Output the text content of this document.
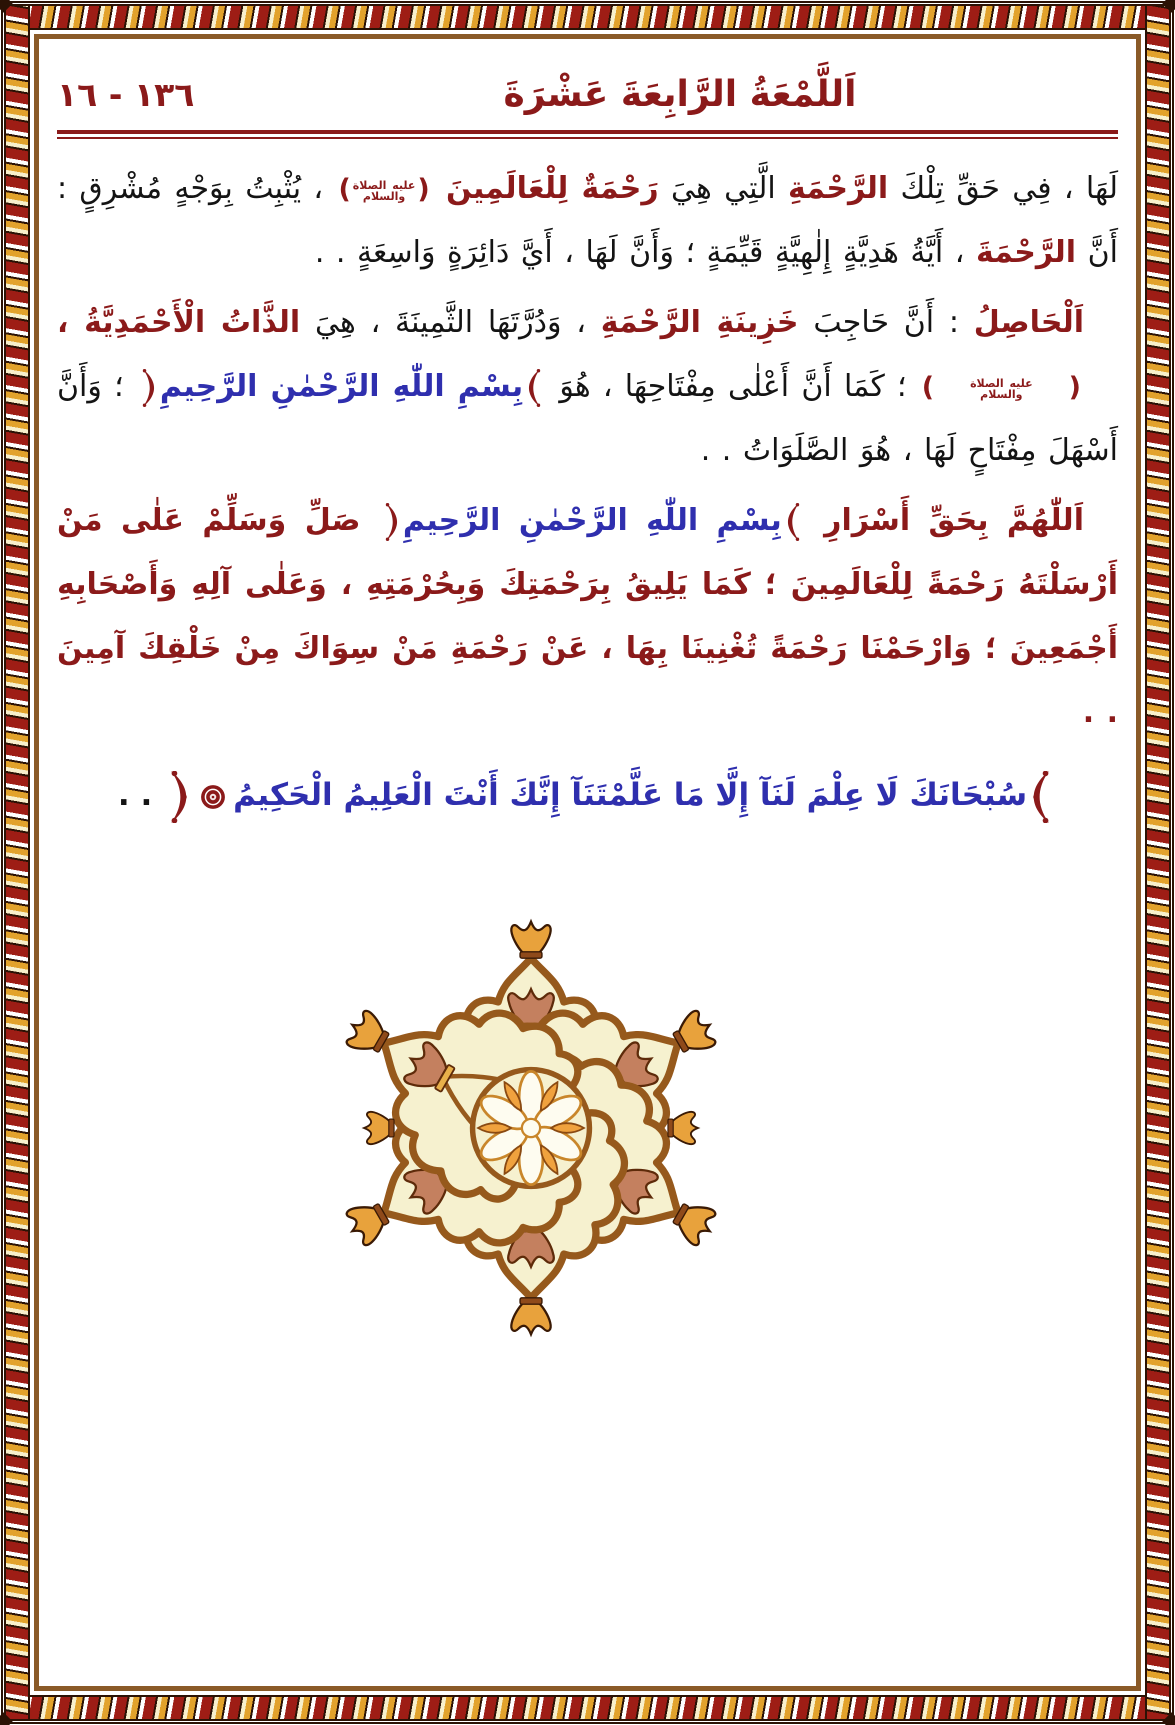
اَللَّمْعَةُ الرَّابِعَةَ عَشْرَةَ
١٣٦ - ١٦

لَهَا ، فِي حَقِّ تِلْكَ الرَّحْمَةِ الَّتِي هِيَ رَحْمَةٌ لِلْعَالَمِينَ
(
عليه الصلاة
والسلام
)
، يُثْبِتُ بِوَجْهٍ مُشْرِقٍ : أَنَّ الرَّحْمَةَ ، أَيَّةُ هَدِيَّةٍ إِلٰهِيَّةٍ قَيِّمَةٍ ؛ وَأَنَّ لَهَا ، أَيَّ دَائِرَةٍ وَاسِعَةٍ . .

اَلْحَاصِلُ : أَنَّ حَاجِبَ خَزِينَةِ الرَّحْمَةِ ، وَدُرَّتَهَا الثَّمِينَةَ ، هِيَ الذَّاتُ الْأَحْمَدِيَّةُ ،
(
عليه الصلاة
والسلام
)
؛ كَمَا أَنَّ أَعْلٰى مِفْتَاحِهَا ، هُوَ بِسْمِ اللّٰهِ الرَّحْمٰنِ الرَّحِيمِ ؛ وَأَنَّ أَسْهَلَ مِفْتَاحٍ لَهَا ، هُوَ الصَّلَوَاتُ . .

اَللّٰهُمَّ بِحَقِّ أَسْرَارِ بِسْمِ اللّٰهِ الرَّحْمٰنِ الرَّحِيمِ صَلِّ وَسَلِّمْ عَلٰى مَنْ أَرْسَلْتَهُ رَحْمَةً لِلْعَالَمِينَ ؛ كَمَا يَلِيقُ بِرَحْمَتِكَ وَبِحُرْمَتِهِ ، وَعَلٰى آلِهِ وَأَصْحَابِهِ أَجْمَعِينَ ؛ وَارْحَمْنَا رَحْمَةً تُغْنِينَا بِهَا ، عَنْ رَحْمَةِ مَنْ سِوَاكَ مِنْ خَلْقِكَ آمِينَ . .

سُبْحَانَكَ لَا عِلْمَ لَنَآ إِلَّا مَا عَلَّمْتَنَآ إِنَّكَ أَنْتَ الْعَلِيمُ الْحَكِيمُ . .
